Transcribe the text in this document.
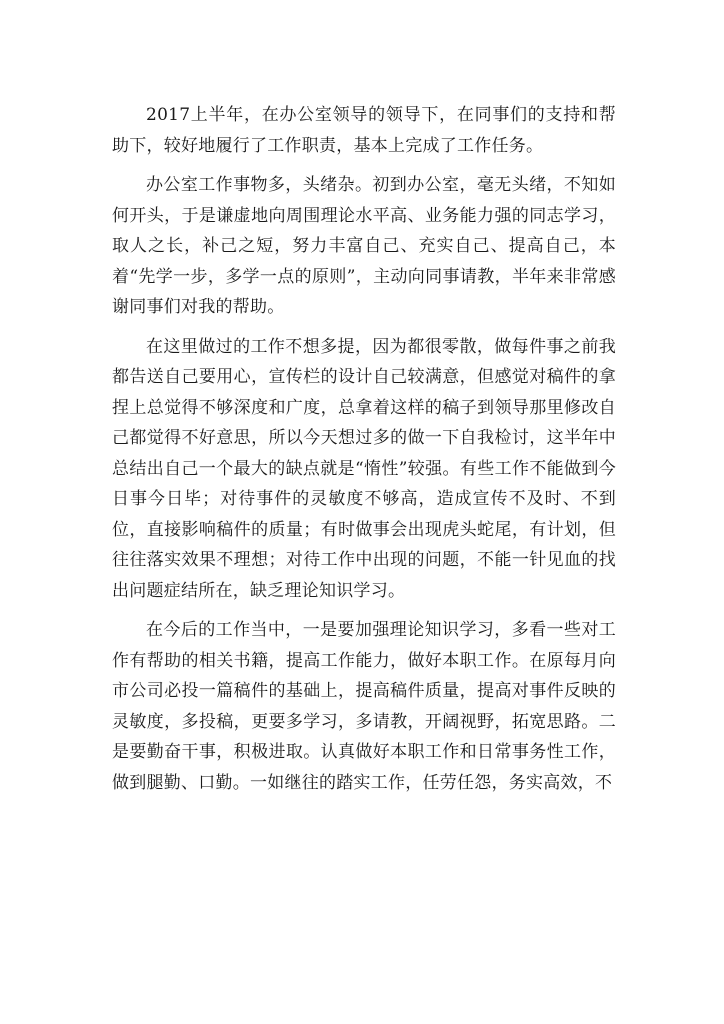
2017上半年，在办公室领导的领导下，在同事们的支持和帮助下，较好地履行了工作职责，基本上完成了工作任务。

办公室工作事物多，头绪杂。初到办公室，毫无头绪，不知如何开头，于是谦虚地向周围理论水平高、业务能力强的同志学习，取人之长，补己之短，努力丰富自己、充实自己、提高自己，本着“先学一步，多学一点的原则”，主动向同事请教，半年来非常感谢同事们对我的帮助。

在这里做过的工作不想多提，因为都很零散，做每件事之前我都告送自己要用心，宣传栏的设计自己较满意，但感觉对稿件的拿捏上总觉得不够深度和广度，总拿着这样的稿子到领导那里修改自己都觉得不好意思，所以今天想过多的做一下自我检讨，这半年中总结出自己一个最大的缺点就是“惰性”较强。有些工作不能做到今日事今日毕；对待事件的灵敏度不够高，造成宣传不及时、不到位，直接影响稿件的质量；有时做事会出现虎头蛇尾，有计划，但往往落实效果不理想；对待工作中出现的问题，不能一针见血的找出问题症结所在，缺乏理论知识学习。

在今后的工作当中，一是要加强理论知识学习，多看一些对工作有帮助的相关书籍，提高工作能力，做好本职工作。在原每月向市公司必投一篇稿件的基础上，提高稿件质量，提高对事件反映的灵敏度，多投稿，更要多学习，多请教，开阔视野，拓宽思路。二是要勤奋干事，积极进取。认真做好本职工作和日常事务性工作，做到腿勤、口勤。一如继往的踏实工作，任劳任怨，务实高效，不
